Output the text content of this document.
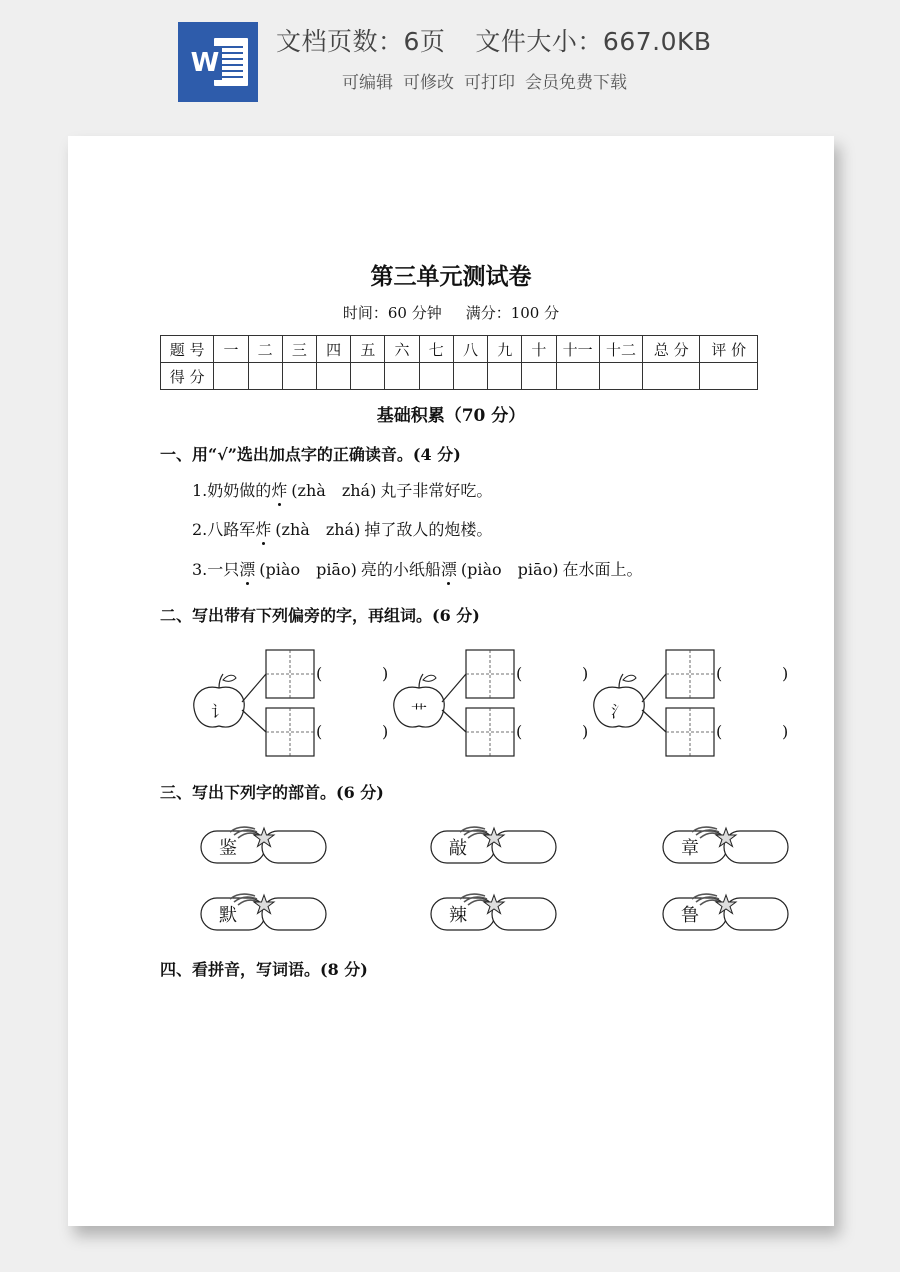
W
文档页数：6页 文件大小：667.0KB
可编辑 可修改 可打印 会员免费下载
第三单元测试卷
时间：60 分钟 满分：100 分
题 号	一	二	三	四	五	六	七	八	九	十	十一	十二	总 分	评 价
得 分														
基础积累（70 分）
一、用“√”选出加点字的正确读音。(4 分)
1.奶奶做的炸 (zhà　zhá) 丸子非常好吃。
2.八路军炸 (zhà　zhá) 掉了敌人的炮楼。
3.一只漂 (piào　piāo) 亮的小纸船漂 (piào　piāo) 在水面上。
二、写出带有下列偏旁的字，再组词。(6 分)
讠
(	)
(	)
艹
(	)
(	)
氵
(	)
(	)
三、写出下列字的部首。(6 分)
鉴	敲	章
默	辣	鲁
四、看拼音，写词语。(8 分)
